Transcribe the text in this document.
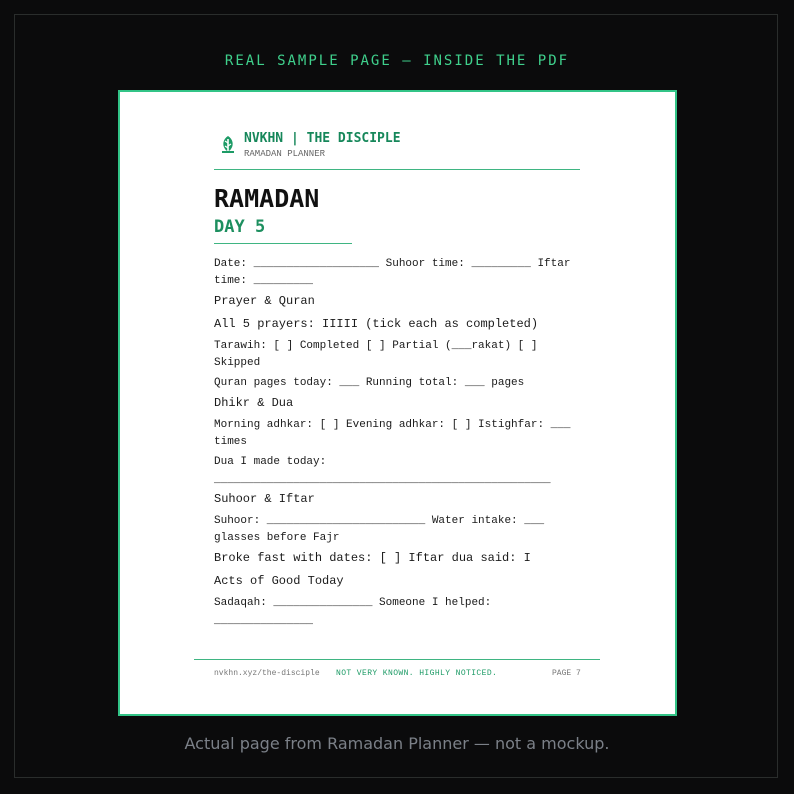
REAL SAMPLE PAGE — INSIDE THE PDF
NVKHN | THE DISCIPLE
RAMADAN PLANNER
RAMADAN
DAY 5
Date: ___________________ Suhoor time: _________ Iftar
time: _________
Prayer & Quran
All 5 prayers: IIIII (tick each as completed)
Tarawih: [ ] Completed [ ] Partial (___rakat) [ ]
Skipped
Quran pages today: ___ Running total: ___ pages
Dhikr & Dua
Morning adhkar: [ ] Evening adhkar: [ ] Istighfar: ___
times
Dua I made today:
___________________________________________________
Suhoor & Iftar
Suhoor: ________________________ Water intake: ___
glasses before Fajr
Broke fast with dates: [ ] Iftar dua said: I
Acts of Good Today
Sadaqah: _______________ Someone I helped:
_______________
nvkhn.xyz/the-disciple NOT VERY KNOWN. HIGHLY NOTICED.	PAGE 7
Actual page from Ramadan Planner — not a mockup.
